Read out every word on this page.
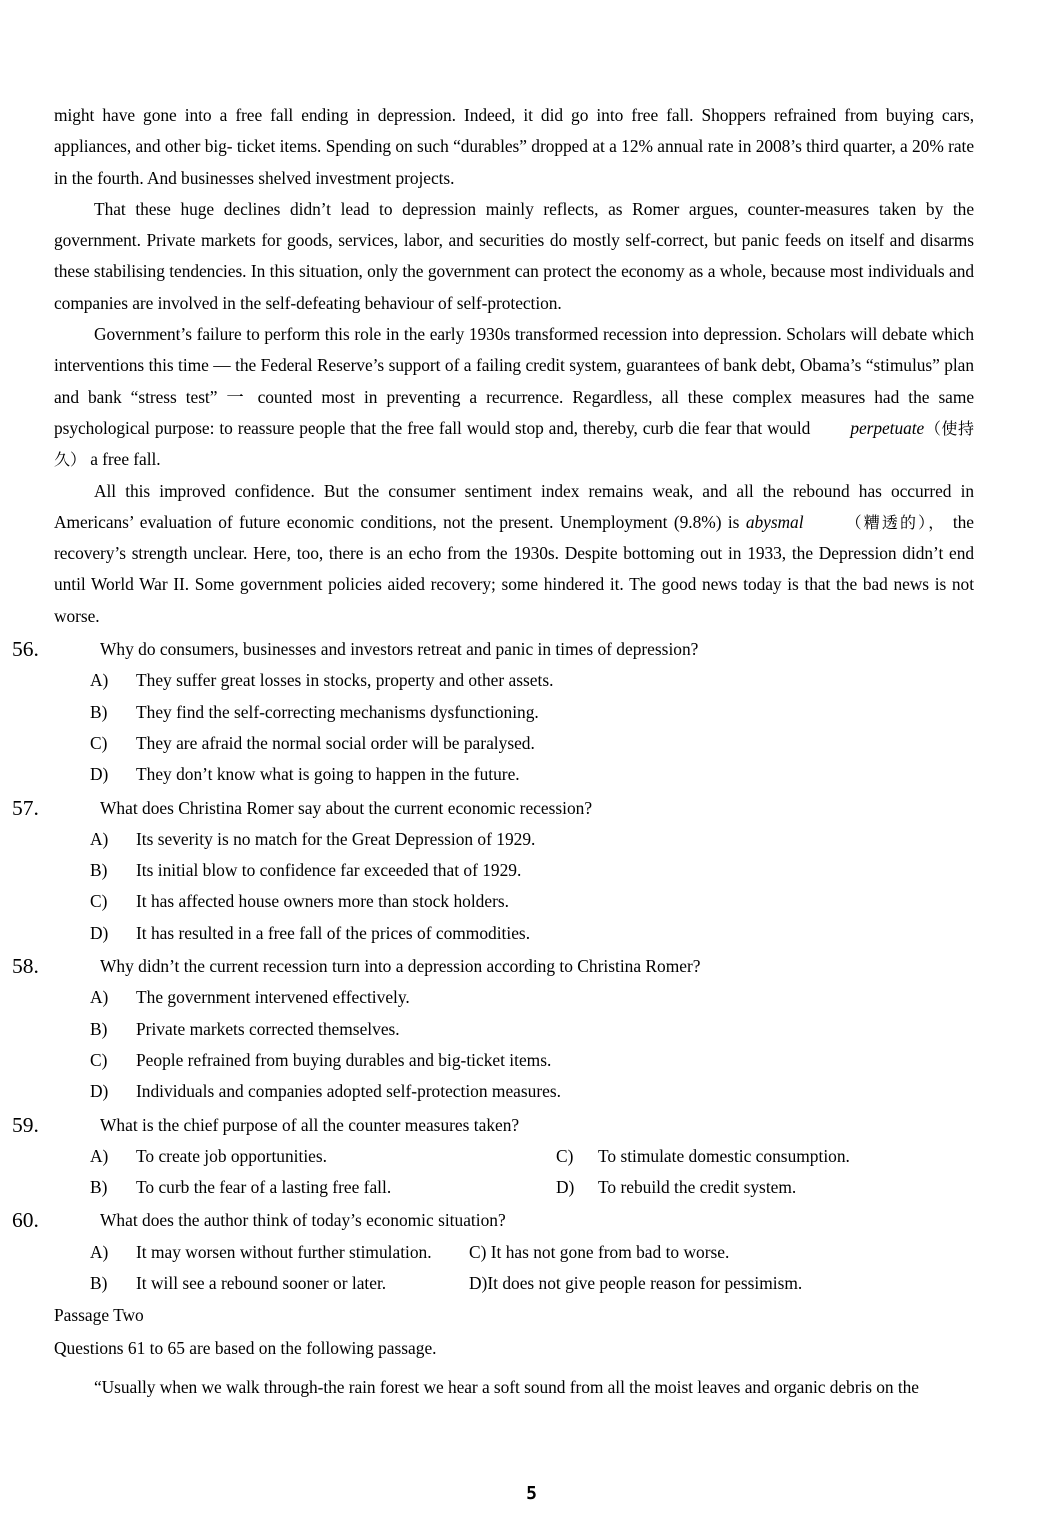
might have gone into a free fall ending in depression. Indeed, it did go into free fall. Shoppers refrained from buying cars, appliances, and other big- ticket items. Spending on such “durables” dropped at a 12% annual rate in 2008’s third quarter, a 20% rate in the fourth. And businesses shelved investment projects.

That these huge declines didn’t lead to depression mainly reflects, as Romer argues, counter-measures taken by the government. Private markets for goods, services, labor, and securities do mostly self-correct, but panic feeds on itself and disarms these stabilising tendencies. In this situation, only the government can protect the economy as a whole, because most individuals and companies are involved in the self-defeating behaviour of self-protection.

Government’s failure to perform this role in the early 1930s transformed recession into depression. Scholars will debate which interventions this time — the Federal Reserve’s support of a failing credit system, guarantees of bank debt, Obama’s “stimulus” plan and bank “stress test” 一 counted most in preventing a recurrence. Regardless, all these complex measures had the same psychological purpose: to reassure people that the free fall would stop and, thereby, curb die fear that would perpetuate（使持久） a free fall.

All this improved confidence. But the consumer sentiment index remains weak, and all the rebound has occurred in Americans’ evaluation of future economic conditions, not the present. Unemployment (9.8%) is abysmal	（糟透的）， the recovery’s strength unclear. Here, too, there is an echo from the 1930s. Despite bottoming out in 1933, the Depression didn’t end until World War II. Some government policies aided recovery; some hindered it. The good news today is that the bad news is not worse.

56.	Why do consumers, businesses and investors retreat and panic in times of depression?
A)	They suffer great losses in stocks, property and other assets.
B)	They find the self-correcting mechanisms dysfunctioning.
C)	They are afraid the normal social order will be paralysed.
D)	They don’t know what is going to happen in the future.
57.	What does Christina Romer say about the current economic recession?
A)	Its severity is no match for the Great Depression of 1929.
B)	Its initial blow to confidence far exceeded that of 1929.
C)	It has affected house owners more than stock holders.
D)	It has resulted in a free fall of the prices of commodities.
58.	Why didn’t the current recession turn into a depression according to Christina Romer?
A)	The government intervened effectively.
B)	Private markets corrected themselves.
C)	People refrained from buying durables and big-ticket items.
D)	Individuals and companies adopted self-protection measures.
59.	What is the chief purpose of all the counter measures taken?
A)	To create job opportunities.	C)	To stimulate domestic consumption.
B)	To curb the fear of a lasting free fall.	D)	To rebuild the credit system.
60.	What does the author think of today’s economic situation?
A)	It may worsen without further stimulation. C) It has not gone from bad to worse.
B)	It will see a rebound sooner or later.	D)It does not give people reason for pessimism.
Passage Two
Questions 61 to 65 are based on the following passage.

“Usually when we walk through-the rain forest we hear a soft sound from all the moist leaves and organic debris on the

5
